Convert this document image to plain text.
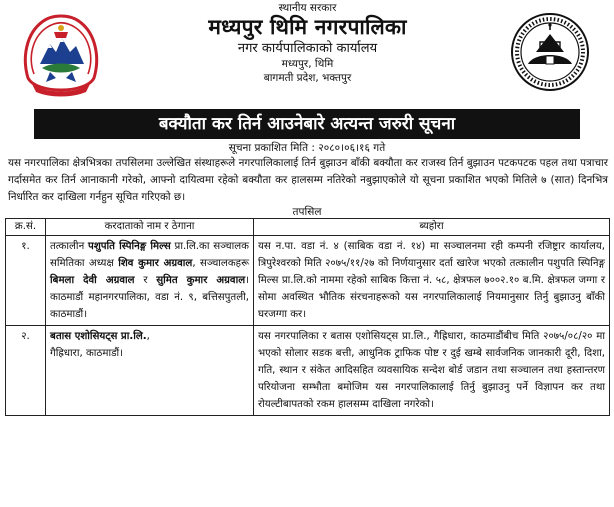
स्थानीय सरकार
मध्यपुर थिमि नगरपालिका
नगर कार्यपालिकाको कार्यालय
मध्यपुर, थिमि
बागमती प्रदेश, भक्तपुर
बक्यौता कर तिर्न आउनेबारे अत्यन्त जरुरी सूचना
सूचना प्रकाशित मिति : २०८०।०६।१६ गते

यस नगरपालिका क्षेत्रभित्रका तपसिलमा उल्लेखित संस्थाहरूले नगरपालिकालाई तिर्न बुझाउन बाँकी बक्यौता कर राजस्व तिर्न बुझाउन पटकपटक पहल तथा पत्राचार गर्दासमेत कर तिर्न आनाकानी गरेको, आफ्नो दायित्वमा रहेको बक्यौता कर हालसम्म नतिरेको नबुझाएकोले यो सूचना प्रकाशित भएको मितिले ७ (सात) दिनभित्र निर्धारित कर दाखिला गर्नहुन सूचित गरिएको छ।

तपसिल
क्र.सं.	करदाताको नाम र ठेगाना	ब्यहोरा
१.	तत्कालीन पशुपति स्पिनिङ्ग मिल्स प्रा.लि.का सञ्चालक समितिका अध्यक्ष शिव कुमार अग्रवाल, सञ्चालकहरू बिमला देवी अग्रवाल र सुमित कुमार अग्रवाल। काठमाडौं महानगरपालिका, वडा नं. ९, बत्तिसपुतली, काठमाडौं।	यस न.पा. वडा नं. ४ (साबिक वडा नं. १४) मा सञ्चालनमा रही कम्पनी रजिष्ट्रार कार्यालय, त्रिपुरेश्वरको मिति २०७५/११/२७ को निर्णयानुसार दर्ता खारेज भएको तत्कालीन पशुपति स्पिनिङ्ग मिल्स प्रा.लि.को नाममा रहेको साबिक कित्ता नं. ५८, क्षेत्रफल ७००२.१० ब.मि. क्षेत्रफल जग्गा र सोमा अवस्थित भौतिक संरचनाहरूको यस नगरपालिकालाई नियमानुसार तिर्नु बुझाउनु बाँकी घरजग्गा कर।
२.	बतास एशोसियट्स प्रा.लि.,
गैह्रिधारा, काठमाडौं।	यस नगरपालिका र बतास एशोसियट्स प्रा.लि., गैह्रिधारा, काठमाडौंबीच मिति २०७५/०८/२० मा भएको सोलार सडक बत्ती, आधुनिक ट्राफिक पोष्ट र दुई खम्बे सार्वजनिक जानकारी दूरी, दिशा, गति, स्थान र संकेत आदिसहित व्यवसायिक सन्देश बोर्ड जडान तथा सञ्चालन तथा हस्तान्तरण परियोजना सम्भौता बमोजिम यस नगरपालिकालाई तिर्नु बुझाउनु पर्ने विज्ञापन कर तथा रोयल्टीबापतको रकम हालसम्म दाखिला नगरेको।
